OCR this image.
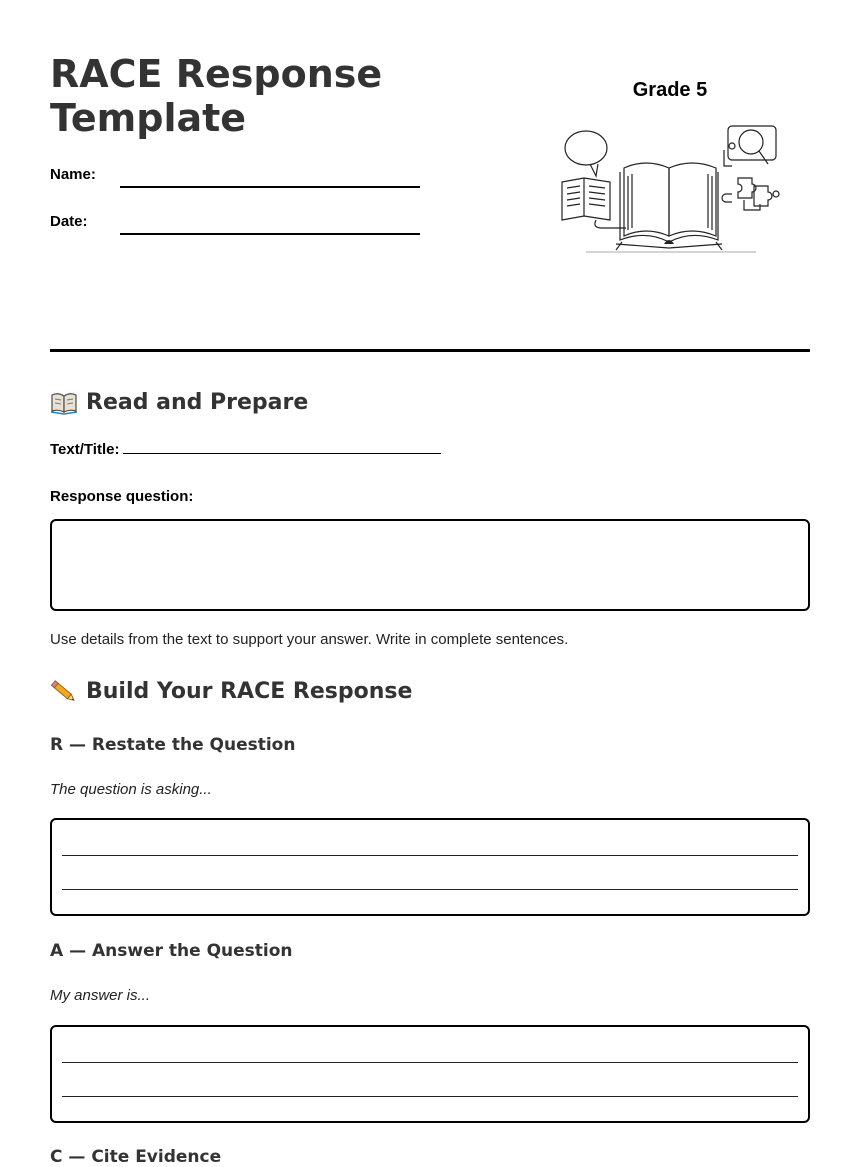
RACE Response Template
Name:
Date:
Grade 5
Read and Prepare
Text/Title:
Response question:
Use details from the text to support your answer. Write in complete sentences.
Build Your RACE Response
R — Restate the Question
The question is asking...
A — Answer the Question
My answer is...
C — Cite Evidence
